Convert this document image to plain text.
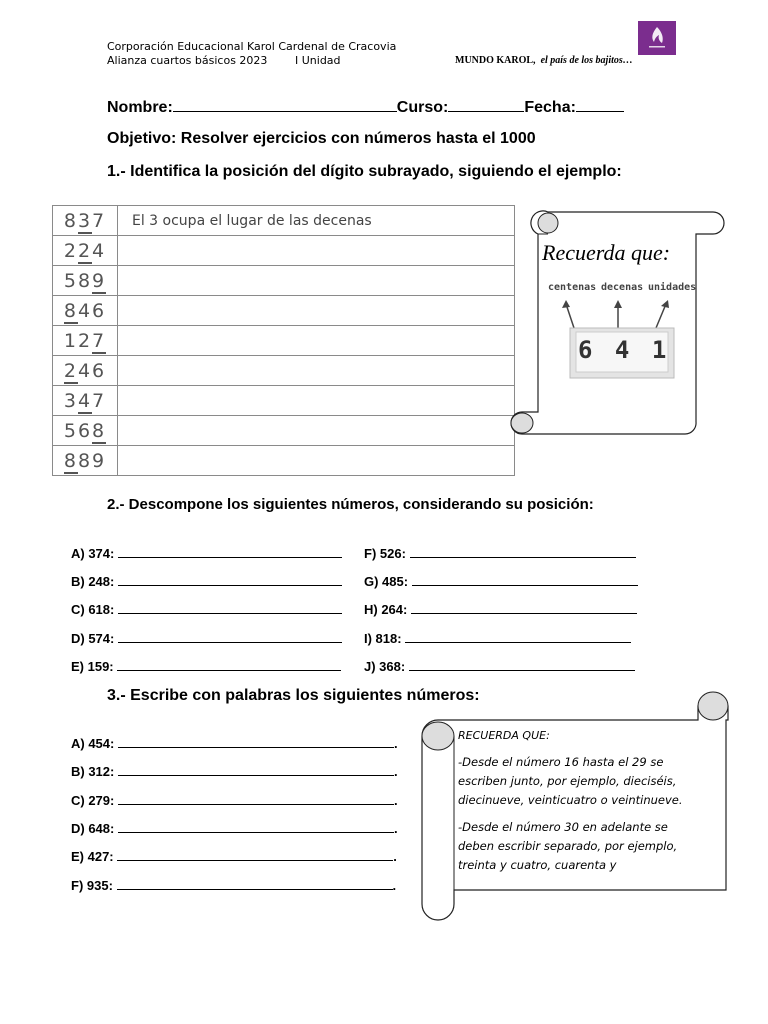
Corporación Educacional Karol Cardenal de Cracovia
Alianza cuartos básicos 2023	I Unidad	MUNDO KAROL, el país de los bajitos…
Nombre:	Curso:	Fecha:
Objetivo: Resolver ejercicios con números hasta el 1000
1.- Identifica la posición del dígito subrayado, siguiendo el ejemplo:
837	El 3 ocupa el lugar de las decenas
224	
589	
846	
127	
246	
347	
568	
889	
Recuerda que:
centenas decenas unidades
6 4 1
2.- Descompone los siguientes números, considerando su posición:
A) 374:
B) 248:
C) 618:
D) 574:
E) 159:
F) 526:
G) 485:
H) 264:
I) 818:
J) 368:
3.- Escribe con palabras los siguientes números:
A) 454:	.
B) 312:	.
C) 279:	.
D) 648:	.
E) 427:	.
F) 935:	.

RECUERDA QUE:

-Desde el número 16 hasta el 29 se escriben junto, por ejemplo, dieciséis, diecinueve, veinticuatro o veintinueve.

-Desde el número 30 en adelante se deben escribir separado, por ejemplo, treinta y cuatro, cuarenta y
